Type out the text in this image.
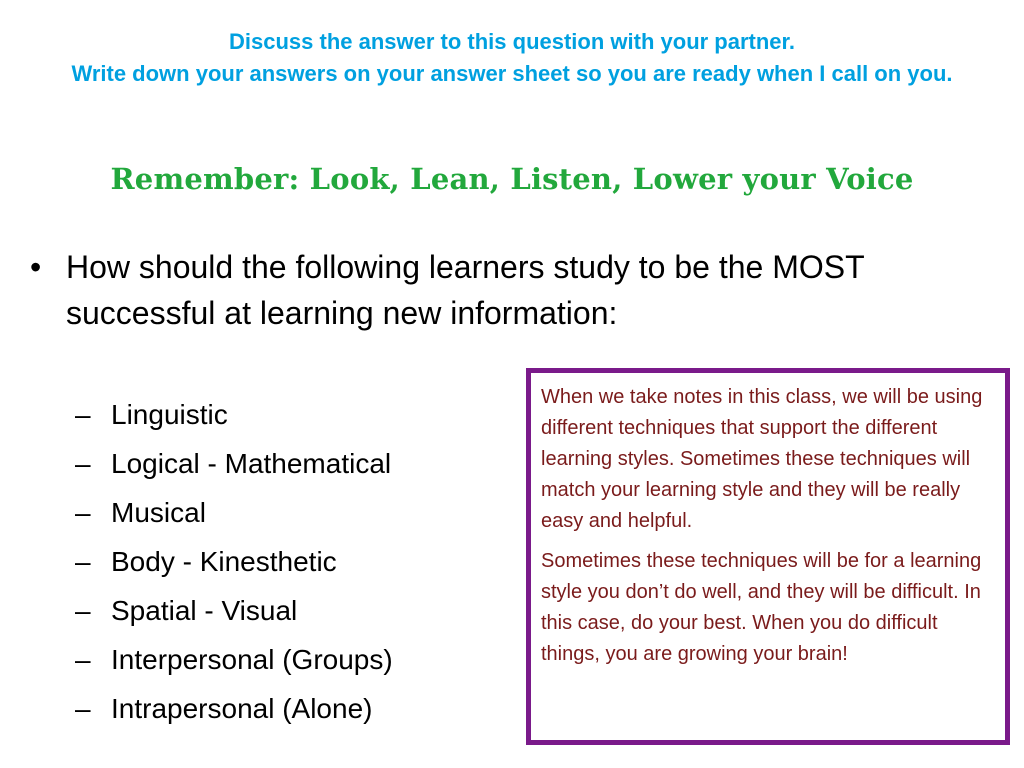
Discuss the answer to this question with your partner.
Write down your answers on your answer sheet so you are ready when I call on you.
Remember: Look, Lean, Listen, Lower your Voice
• How should the following learners study to be the MOST successful at learning new information:
– Linguistic
– Logical - Mathematical
– Musical
– Body - Kinesthetic
– Spatial - Visual
– Interpersonal (Groups)
– Intrapersonal (Alone)

When we take notes in this class, we will be using different techniques that support the different learning styles. Sometimes these techniques will match your learning style and they will be really easy and helpful.

Sometimes these techniques will be for a learning style you don’t do well, and they will be difficult. In this case, do your best. When you do difficult things, you are growing your brain!
